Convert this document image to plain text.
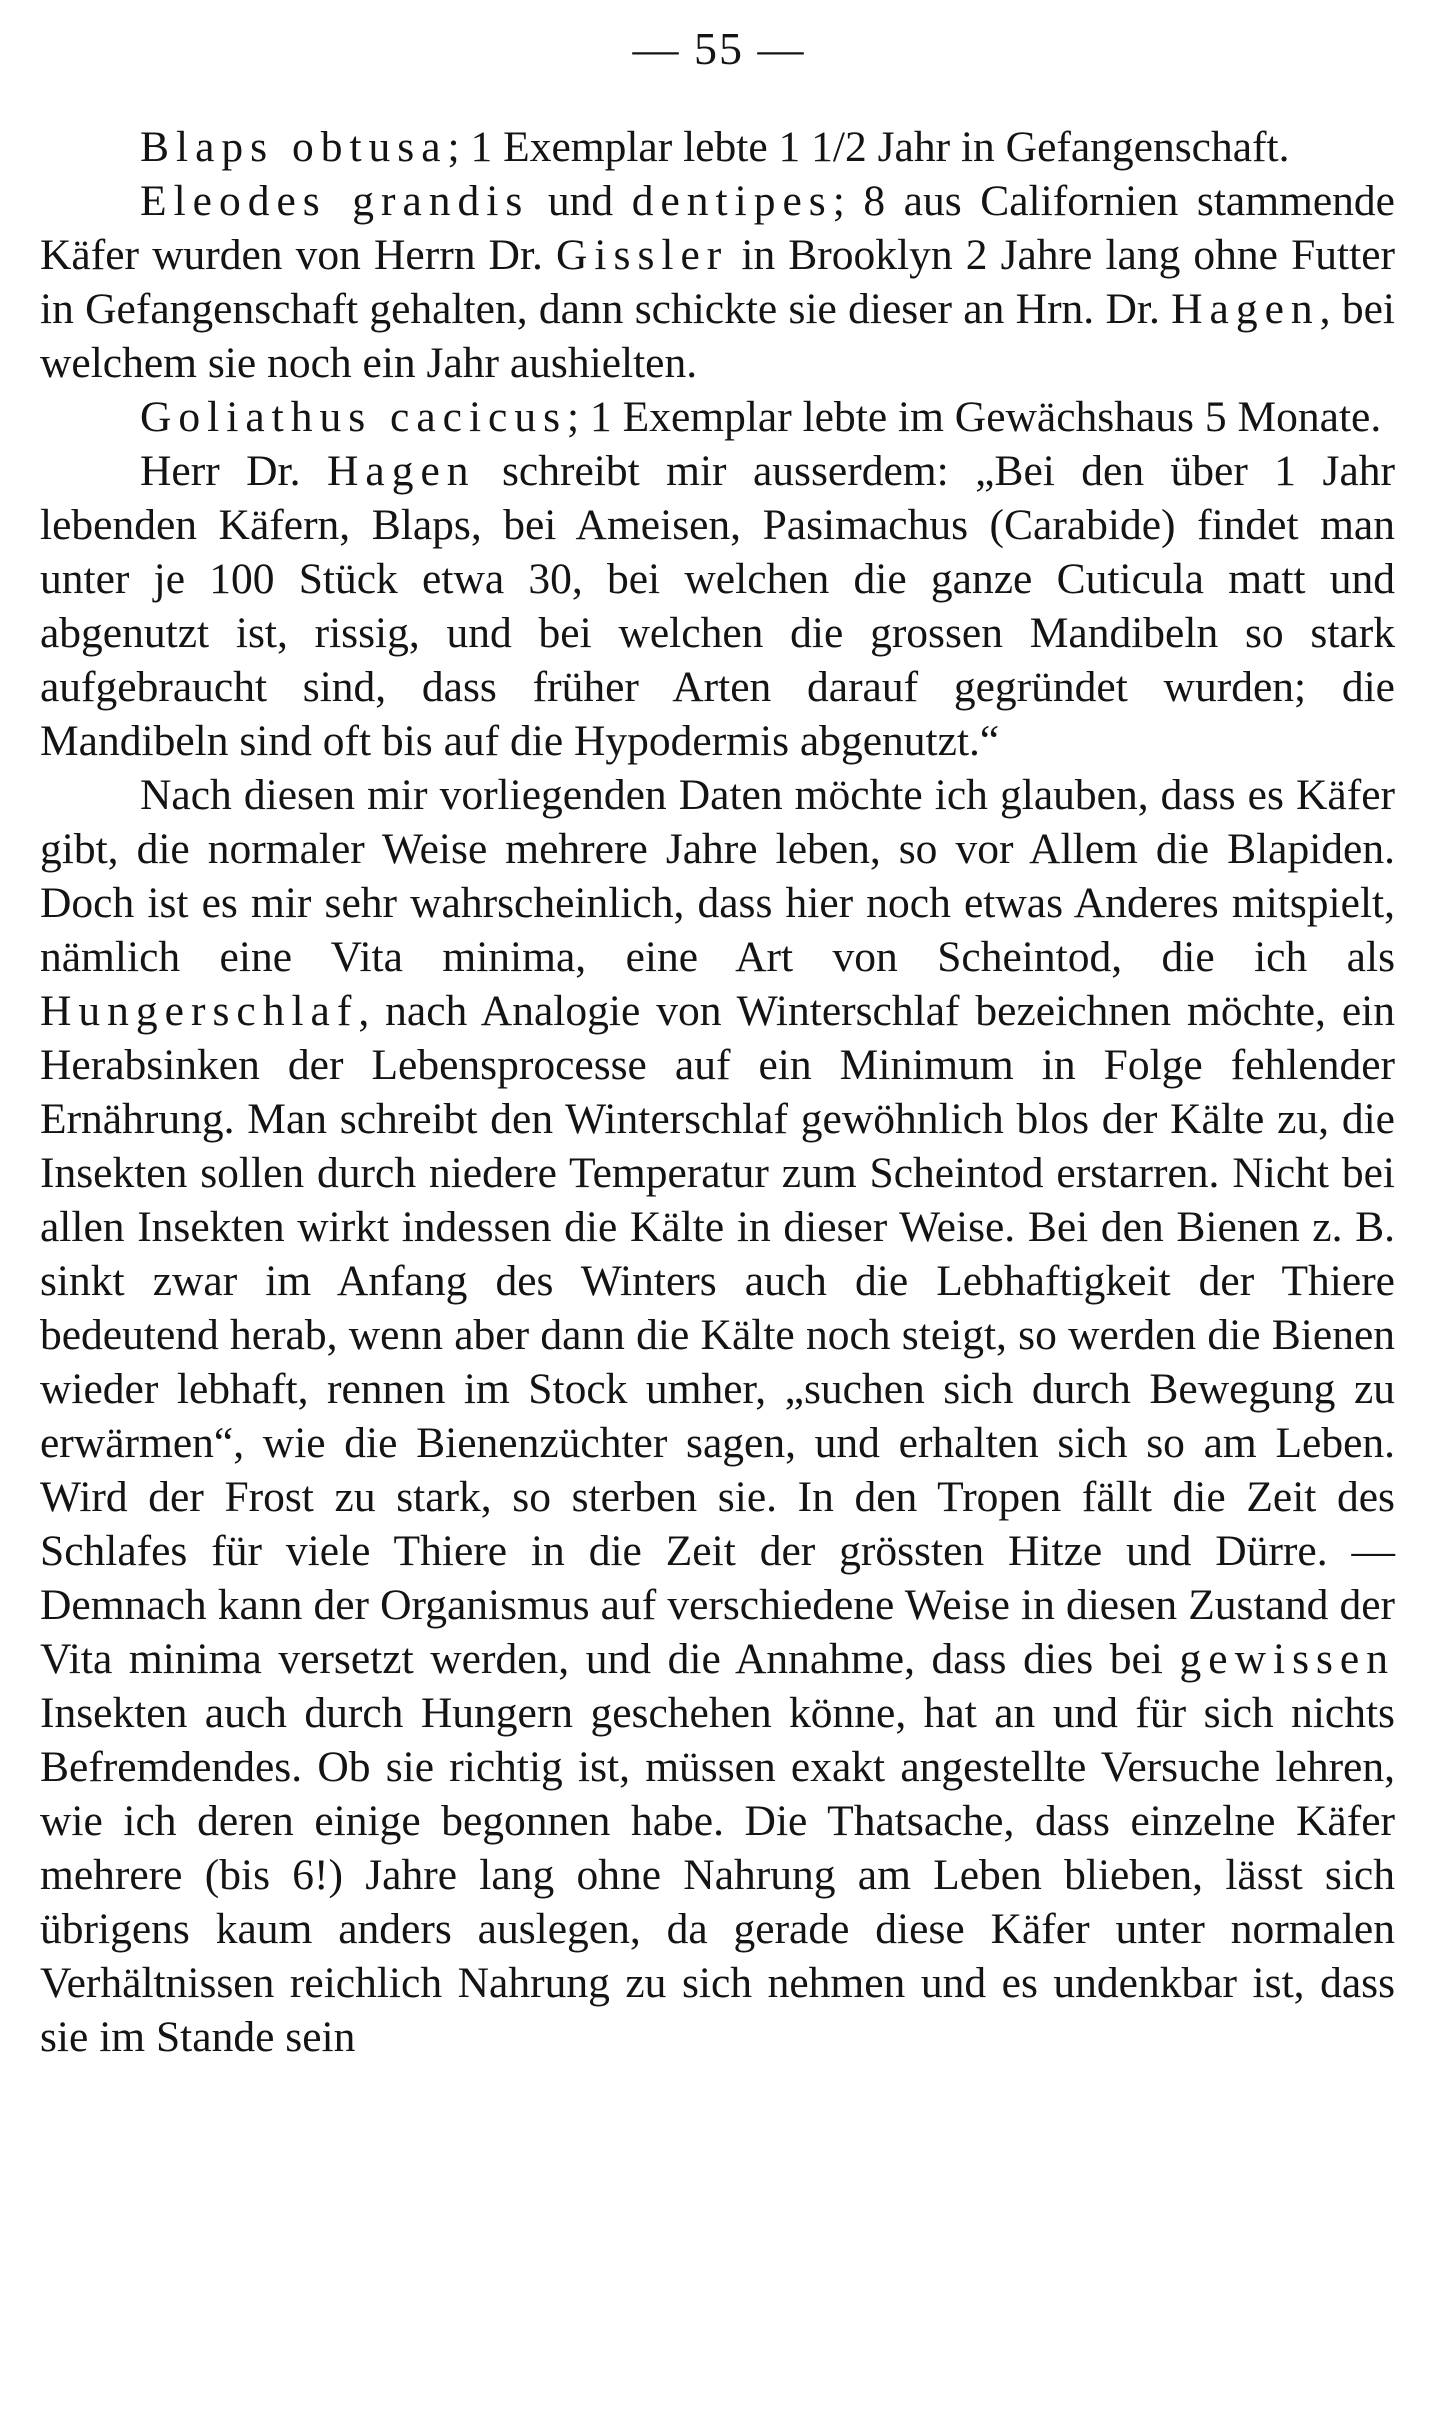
— 55 —

Blaps obtusa; 1 Exemplar lebte 1 1/2 Jahr in Gefangenschaft.

Eleodes grandis und dentipes; 8 aus Californien stammende Käfer wurden von Herrn Dr. Gissler in Brooklyn 2 Jahre lang ohne Futter in Gefangenschaft gehalten, dann schickte sie dieser an Hrn. Dr. Hagen, bei welchem sie noch ein Jahr aushielten.

Goliathus cacicus; 1 Exemplar lebte im Gewächshaus 5 Monate.

Herr Dr. Hagen schreibt mir ausserdem: „Bei den über 1 Jahr lebenden Käfern, Blaps, bei Ameisen, Pasimachus (Carabide) findet man unter je 100 Stück etwa 30, bei welchen die ganze Cuticula matt und abgenutzt ist, rissig, und bei welchen die grossen Mandibeln so stark aufgebraucht sind, dass früher Arten darauf gegründet wurden; die Mandibeln sind oft bis auf die Hypodermis abgenutzt.“

Nach diesen mir vorliegenden Daten möchte ich glauben, dass es Käfer gibt, die normaler Weise mehrere Jahre leben, so vor Allem die Blapiden. Doch ist es mir sehr wahrscheinlich, dass hier noch etwas Anderes mitspielt, nämlich eine Vita minima, eine Art von Scheintod, die ich als Hungerschlaf, nach Analogie von Winterschlaf bezeichnen möchte, ein Herabsinken der Lebensprocesse auf ein Minimum in Folge fehlender Ernährung. Man schreibt den Winterschlaf gewöhnlich blos der Kälte zu, die Insekten sollen durch niedere Temperatur zum Scheintod erstarren. Nicht bei allen Insekten wirkt indessen die Kälte in dieser Weise. Bei den Bienen z. B. sinkt zwar im Anfang des Winters auch die Lebhaftigkeit der Thiere bedeutend herab, wenn aber dann die Kälte noch steigt, so werden die Bienen wieder lebhaft, rennen im Stock umher, „suchen sich durch Bewegung zu erwärmen“, wie die Bienenzüchter sagen, und erhalten sich so am Leben. Wird der Frost zu stark, so sterben sie. In den Tropen fällt die Zeit des Schlafes für viele Thiere in die Zeit der grössten Hitze und Dürre. — Demnach kann der Organismus auf verschiedene Weise in diesen Zustand der Vita minima versetzt werden, und die Annahme, dass dies bei gewissen Insekten auch durch Hungern geschehen könne, hat an und für sich nichts Befremdendes. Ob sie richtig ist, müssen exakt angestellte Versuche lehren, wie ich deren einige begonnen habe. Die Thatsache, dass einzelne Käfer mehrere (bis 6!) Jahre lang ohne Nahrung am Leben blieben, lässt sich übrigens kaum anders auslegen, da gerade diese Käfer unter normalen Verhältnissen reichlich Nahrung zu sich nehmen und es undenkbar ist, dass sie im Stande sein
